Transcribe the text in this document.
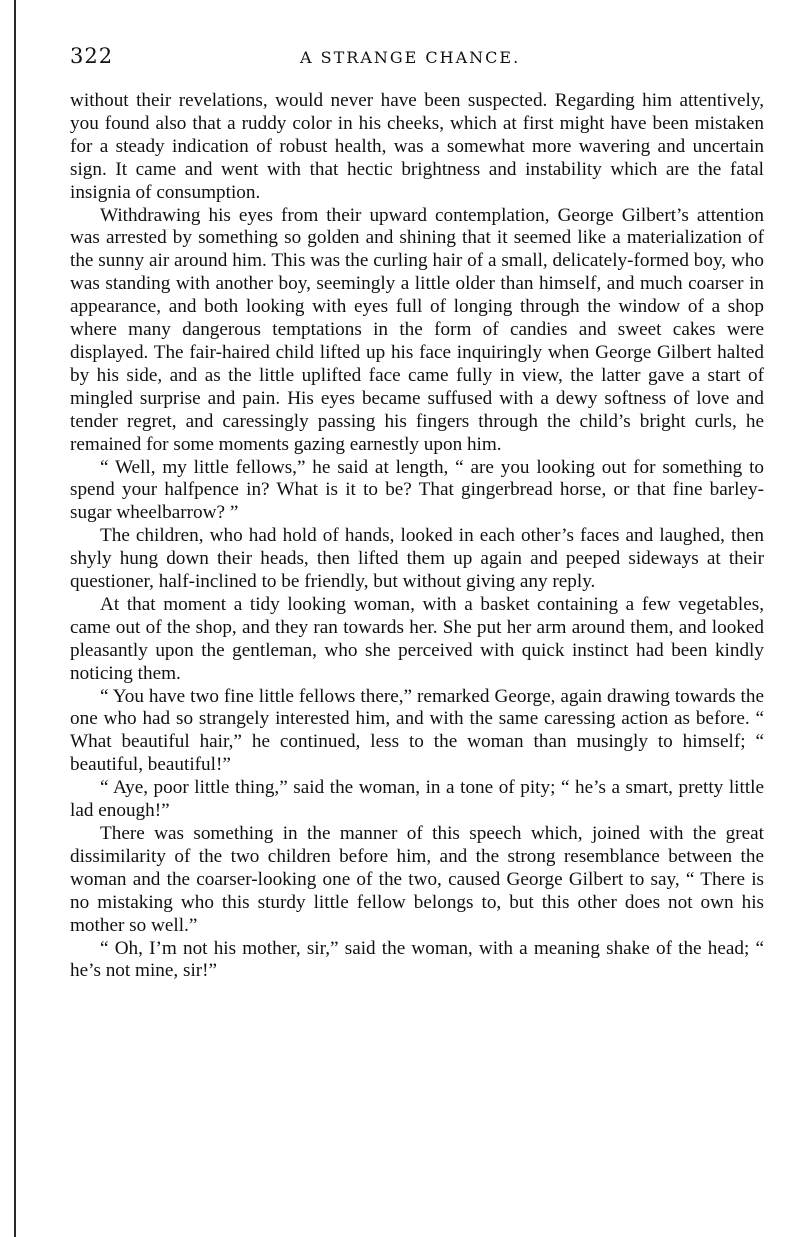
322	A STRANGE CHANCE.

without their revelations, would never have been suspected. Regarding him attentively, you found also that a ruddy color in his cheeks, which at first might have been mistaken for a steady indication of robust health, was a somewhat more wavering and uncertain sign. It came and went with that hectic brightness and instability which are the fatal insignia of consumption.

Withdrawing his eyes from their upward contemplation, George Gilbert’s attention was arrested by something so golden and shining that it seemed like a materialization of the sunny air around him. This was the curling hair of a small, delicately-formed boy, who was standing with another boy, seemingly a little older than himself, and much coarser in appearance, and both looking with eyes full of longing through the window of a shop where many dangerous temptations in the form of candies and sweet cakes were displayed. The fair-haired child lifted up his face inquiringly when George Gilbert halted by his side, and as the little uplifted face came fully in view, the latter gave a start of mingled surprise and pain. His eyes became suffused with a dewy softness of love and tender regret, and caressingly passing his fingers through the child’s bright curls, he remained for some moments gazing earnestly upon him.

“ Well, my little fellows,” he said at length, “ are you looking out for something to spend your halfpence in? What is it to be? That gingerbread horse, or that fine barley-sugar wheelbarrow? ”

The children, who had hold of hands, looked in each other’s faces and laughed, then shyly hung down their heads, then lifted them up again and peeped sideways at their questioner, half-inclined to be friendly, but without giving any reply.

At that moment a tidy looking woman, with a basket containing a few vegetables, came out of the shop, and they ran towards her. She put her arm around them, and looked pleasantly upon the gentleman, who she perceived with quick instinct had been kindly noticing them.

“ You have two fine little fellows there,” remarked George, again drawing towards the one who had so strangely interested him, and with the same caressing action as before. “ What beautiful hair,” he continued, less to the woman than musingly to himself; “ beautiful, beautiful!”

“ Aye, poor little thing,” said the woman, in a tone of pity; “ he’s a smart, pretty little lad enough!”

There was something in the manner of this speech which, joined with the great dissimilarity of the two children before him, and the strong resemblance between the woman and the coarser-looking one of the two, caused George Gilbert to say, “ There is no mistaking who this sturdy little fellow belongs to, but this other does not own his mother so well.”

“ Oh, I’m not his mother, sir,” said the woman, with a meaning shake of the head; “ he’s not mine, sir!”
